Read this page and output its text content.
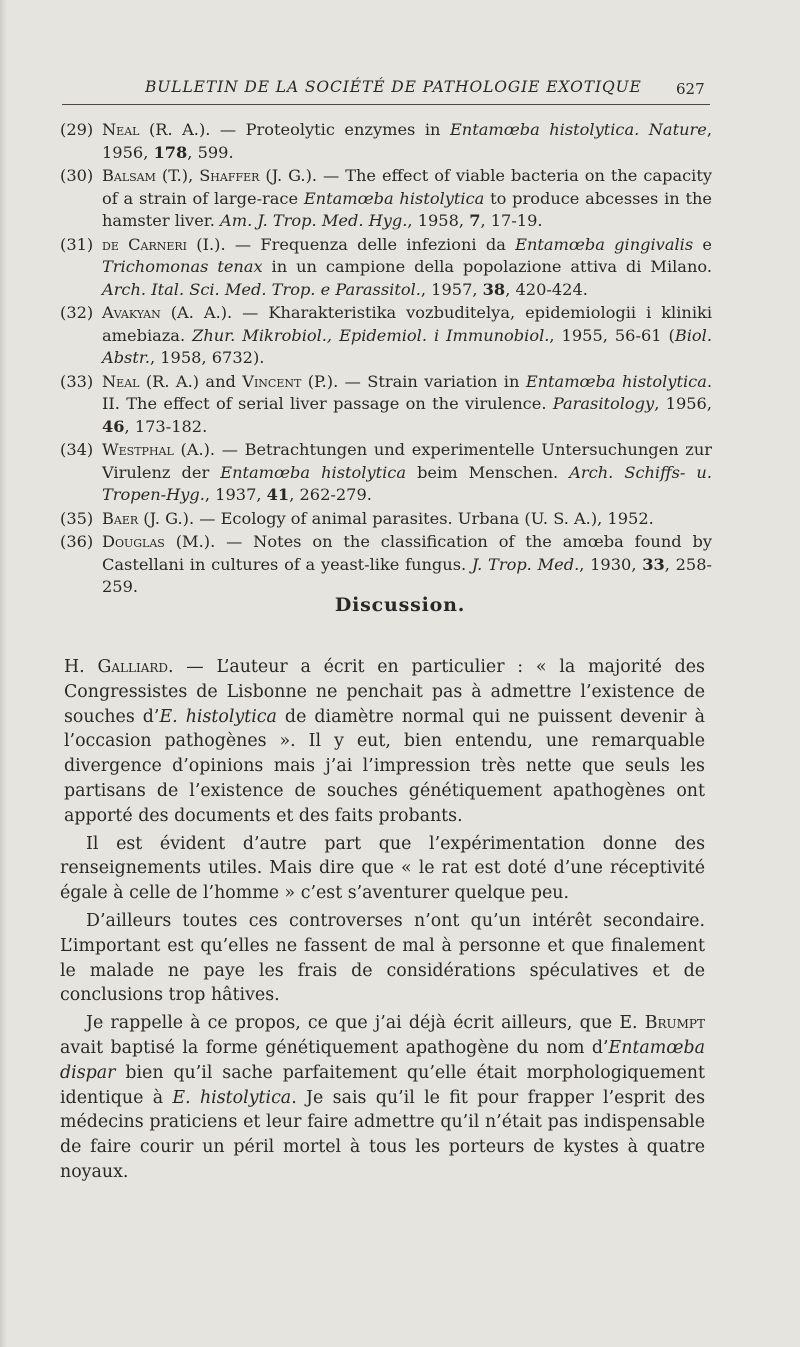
BULLETIN DE LA SOCIÉTÉ DE PATHOLOGIE EXOTIQUE 627
(29) Neal (R. A.). — Proteolytic enzymes in Entamœba histolytica. Nature, 1956, 178, 599.
(30) Balsam (T.), Shaffer (J. G.). — The effect of viable bacteria on the capacity of a strain of large-race Entamœba histolytica to produce abcesses in the hamster liver. Am. J. Trop. Med. Hyg., 1958, 7, 17-19.
(31) de Carneri (I.). — Frequenza delle infezioni da Entamœba gingivalis e Trichomonas tenax in un campione della popolazione attiva di Milano. Arch. Ital. Sci. Med. Trop. e Parassitol., 1957, 38, 420-424.
(32) Avakyan (A. A.). — Kharakteristika vozbuditelya, epidemiologii i kliniki amebiaza. Zhur. Mikrobiol., Epidemiol. i Immunobiol., 1955, 56-61 (Biol. Abstr., 1958, 6732).
(33) Neal (R. A.) and Vincent (P.). — Strain variation in Entamœba histolytica. II. The effect of serial liver passage on the virulence. Parasitology, 1956, 46, 173-182.
(34) Westphal (A.). — Betrachtungen und experimentelle Untersuchungen zur Virulenz der Entamœba histolytica beim Menschen. Arch. Schiffs- u. Tropen-Hyg., 1937, 41, 262-279.
(35) Baer (J. G.). — Ecology of animal parasites. Urbana (U. S. A.), 1952.
(36) Douglas (M.). — Notes on the classification of the amœba found by Castellani in cultures of a yeast-like fungus. J. Trop. Med., 1930, 33, 258-259.
Discussion.

H. Galliard. — L’auteur a écrit en particulier : « la majorité des Congressistes de Lisbonne ne penchait pas à admettre l’existence de souches d’E. histolytica de diamètre normal qui ne puissent devenir à l’occasion pathogènes ». Il y eut, bien entendu, une remarquable divergence d’opinions mais j’ai l’impression très nette que seuls les partisans de l’existence de souches génétiquement apathogènes ont apporté des documents et des faits probants.

Il est évident d’autre part que l’expérimentation donne des renseignements utiles. Mais dire que « le rat est doté d’une réceptivité égale à celle de l’homme » c’est s’aventurer quelque peu.

D’ailleurs toutes ces controverses n’ont qu’un intérêt secondaire. L’important est qu’elles ne fassent de mal à personne et que finalement le malade ne paye les frais de considérations spéculatives et de conclusions trop hâtives.

Je rappelle à ce propos, ce que j’ai déjà écrit ailleurs, que E. Brumpt avait baptisé la forme génétiquement apathogène du nom d’Entamœba dispar bien qu’il sache parfaitement qu’elle était morphologiquement identique à E. histolytica. Je sais qu’il le fit pour frapper l’esprit des médecins praticiens et leur faire admettre qu’il n’était pas indispensable de faire courir un péril mortel à tous les porteurs de kystes à quatre noyaux.
